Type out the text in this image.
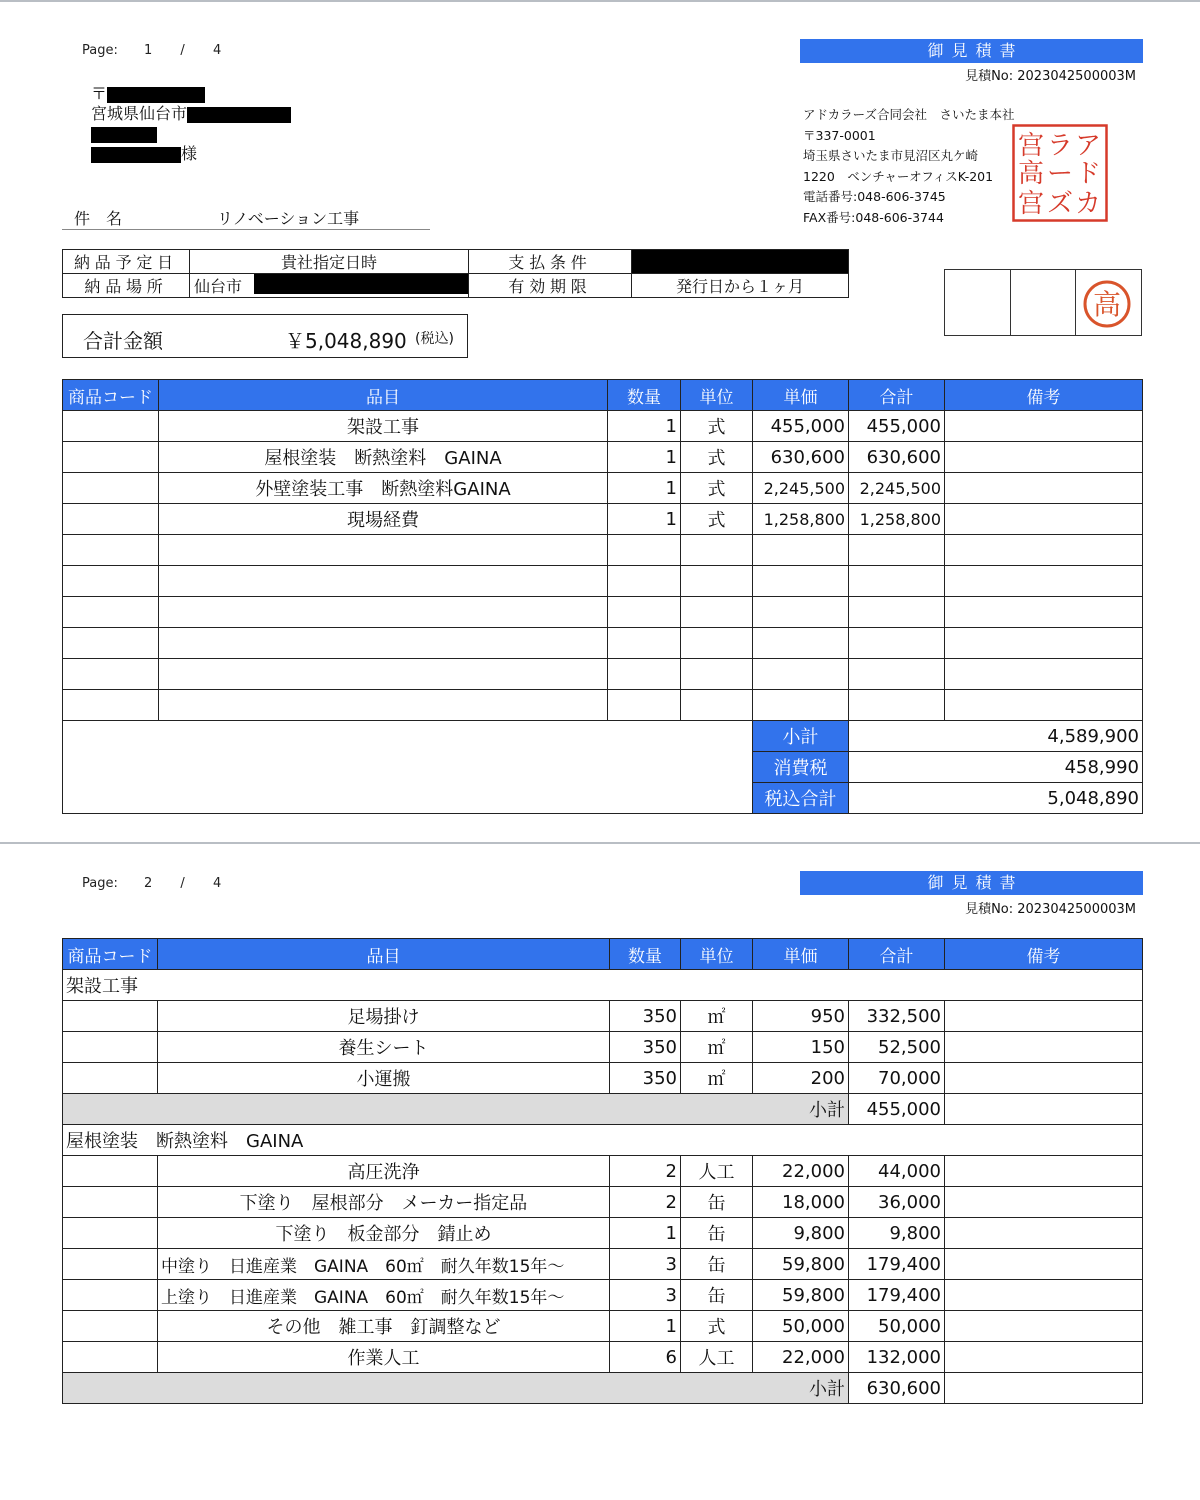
Page: 1 / 4	御見積書
見積No: 2023042500003M
〒
宮城県仙台市
様
アドカラーズ合同会社　さいたま本社
〒337-0001
埼玉県さいたま市見沼区丸ケ崎
1220　ベンチャーオフィスK-201
電話番号:048-606-3745
FAX番号:048-606-3744
ア
ド
カ
ラ
ー
ズ
宫
高
宫
件　名	リノベーション工事
納品予定日	貴社指定日時	支払条件	
納品場所	仙台市	有効期限	発行日から１ヶ月
高
合計金額	￥5,048,890 (税込)
商品コード	品目	数量	単位	単価	合計	備考
	架設工事	1	式	455,000	455,000	
	屋根塗装　断熱塗料　GAINA	1	式	630,600	630,600	
	外壁塗装工事　断熱塗料GAINA	1	式	2,245,500	2,245,500	
	現場経費	1	式	1,258,800	1,258,800	

				小計	4,589,900	
				消費税	458,990	
				税込合計	5,048,890	
Page: 2 / 4	御見積書
見積No: 2023042500003M
商品コード	品目	数量	単位	単価	合計	備考
架設工事						
	足場掛け	350	㎡	950	332,500	
	養生シート	350	㎡	150	52,500	
	小運搬	350	㎡	200	70,000	
小計					455,000	
屋根塗装　断熱塗料　GAINA						
	高圧洗浄	2	人工	22,000	44,000	
	下塗り　屋根部分　メーカー指定品	2	缶	18,000	36,000	
	下塗り　板金部分　錆止め	1	缶	9,800	9,800	
	中塗り　日進産業　GAINA　60㎡　耐久年数15年〜	3	缶	59,800	179,400	
	上塗り　日進産業　GAINA　60㎡　耐久年数15年〜	3	缶	59,800	179,400	
	その他　雑工事　釘調整など	1	式	50,000	50,000	
	作業人工	6	人工	22,000	132,000	
小計					630,600	
